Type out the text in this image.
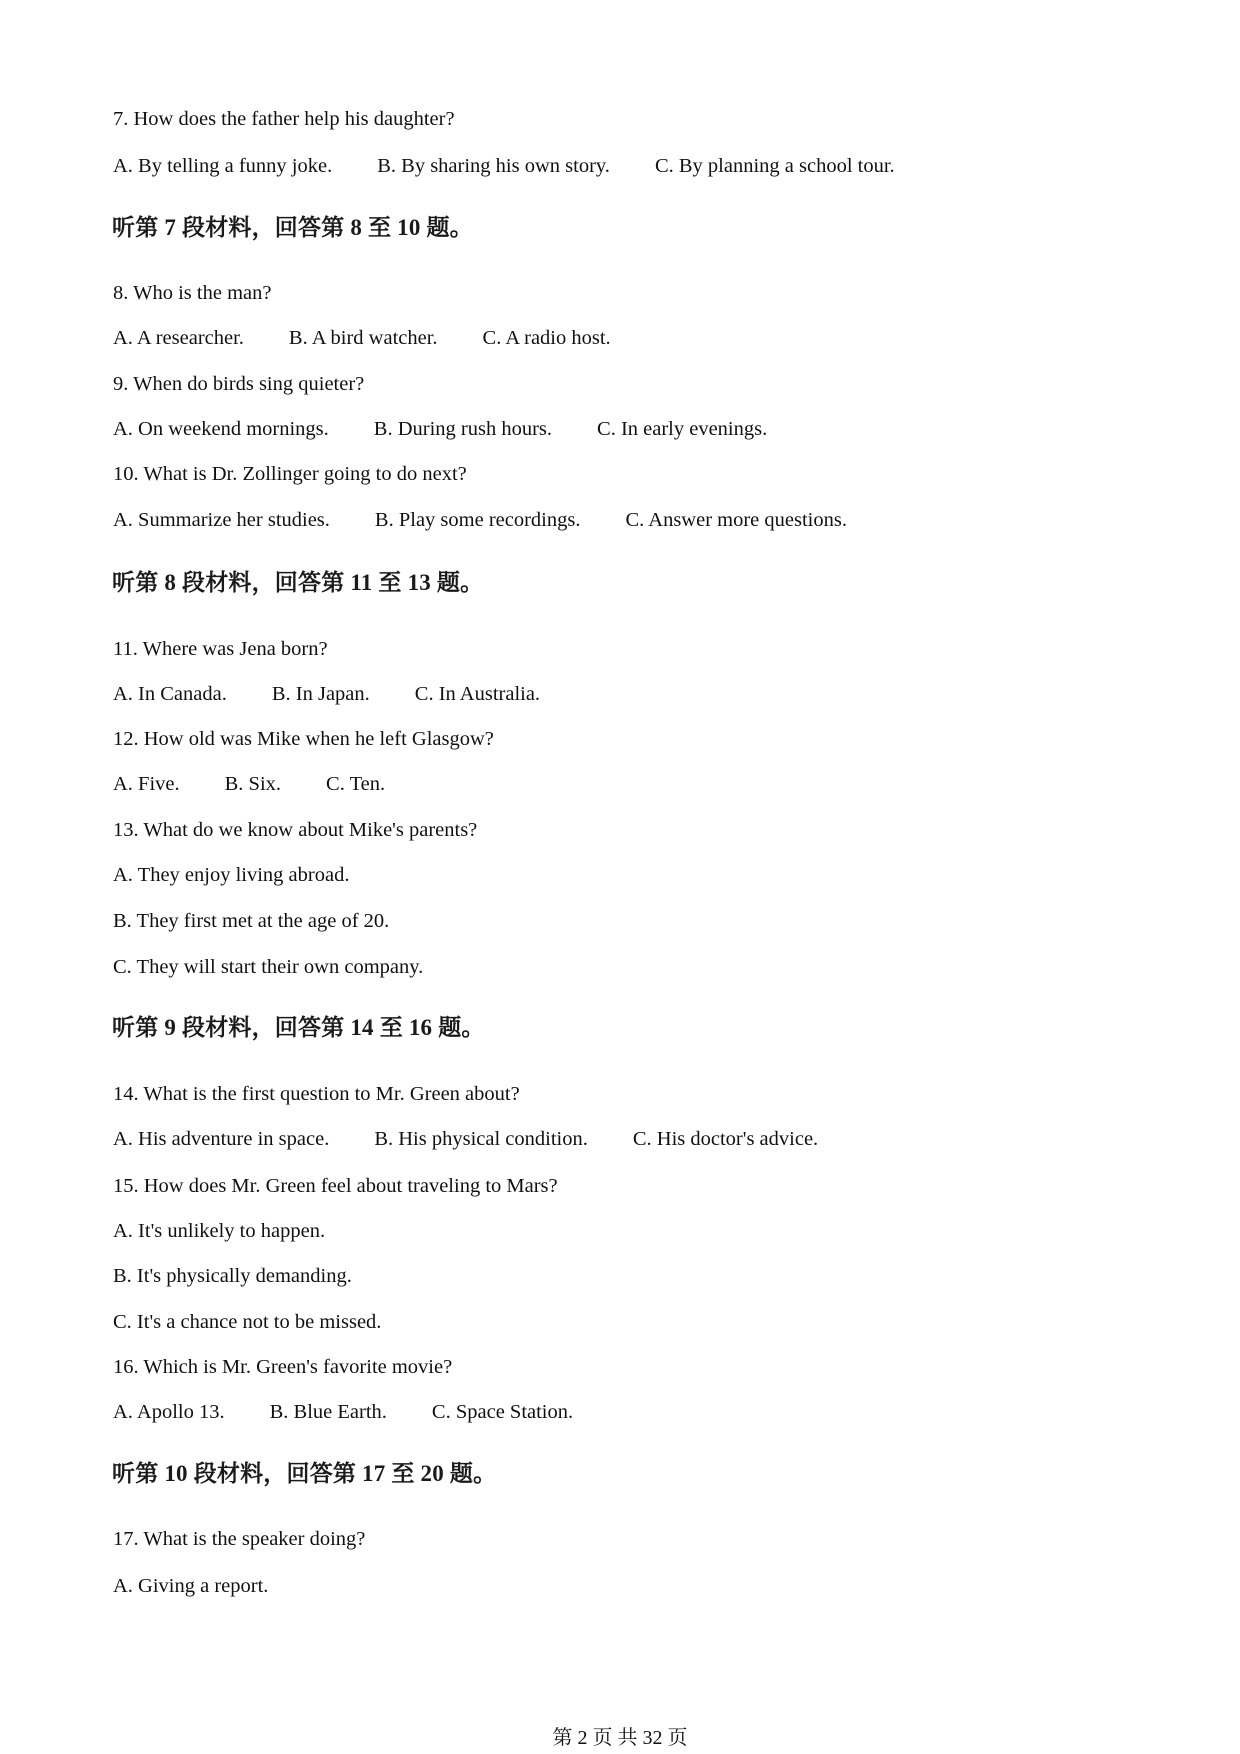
7. How does the father help his daughter?
A. By telling a funny joke. B. By sharing his own story. C. By planning a school tour.
听第 7 段材料，回答第 8 至 10 题。
8. Who is the man?
A. A researcher. B. A bird watcher. C. A radio host.
9. When do birds sing quieter?
A. On weekend mornings. B. During rush hours. C. In early evenings.
10. What is Dr. Zollinger going to do next?
A. Summarize her studies. B. Play some recordings. C. Answer more questions.
听第 8 段材料，回答第 11 至 13 题。
11. Where was Jena born?
A. In Canada. B. In Japan. C. In Australia.
12. How old was Mike when he left Glasgow?
A. Five. B. Six. C. Ten.
13. What do we know about Mike's parents?
A. They enjoy living abroad.
B. They first met at the age of 20.
C. They will start their own company.
听第 9 段材料，回答第 14 至 16 题。
14. What is the first question to Mr. Green about?
A. His adventure in space. B. His physical condition. C. His doctor's advice.
15. How does Mr. Green feel about traveling to Mars?
A. It's unlikely to happen.
B. It's physically demanding.
C. It's a chance not to be missed.
16. Which is Mr. Green's favorite movie?
A. Apollo 13. B. Blue Earth. C. Space Station.
听第 10 段材料，回答第 17 至 20 题。
17. What is the speaker doing?
A. Giving a report.
第 2 页 共 32 页
